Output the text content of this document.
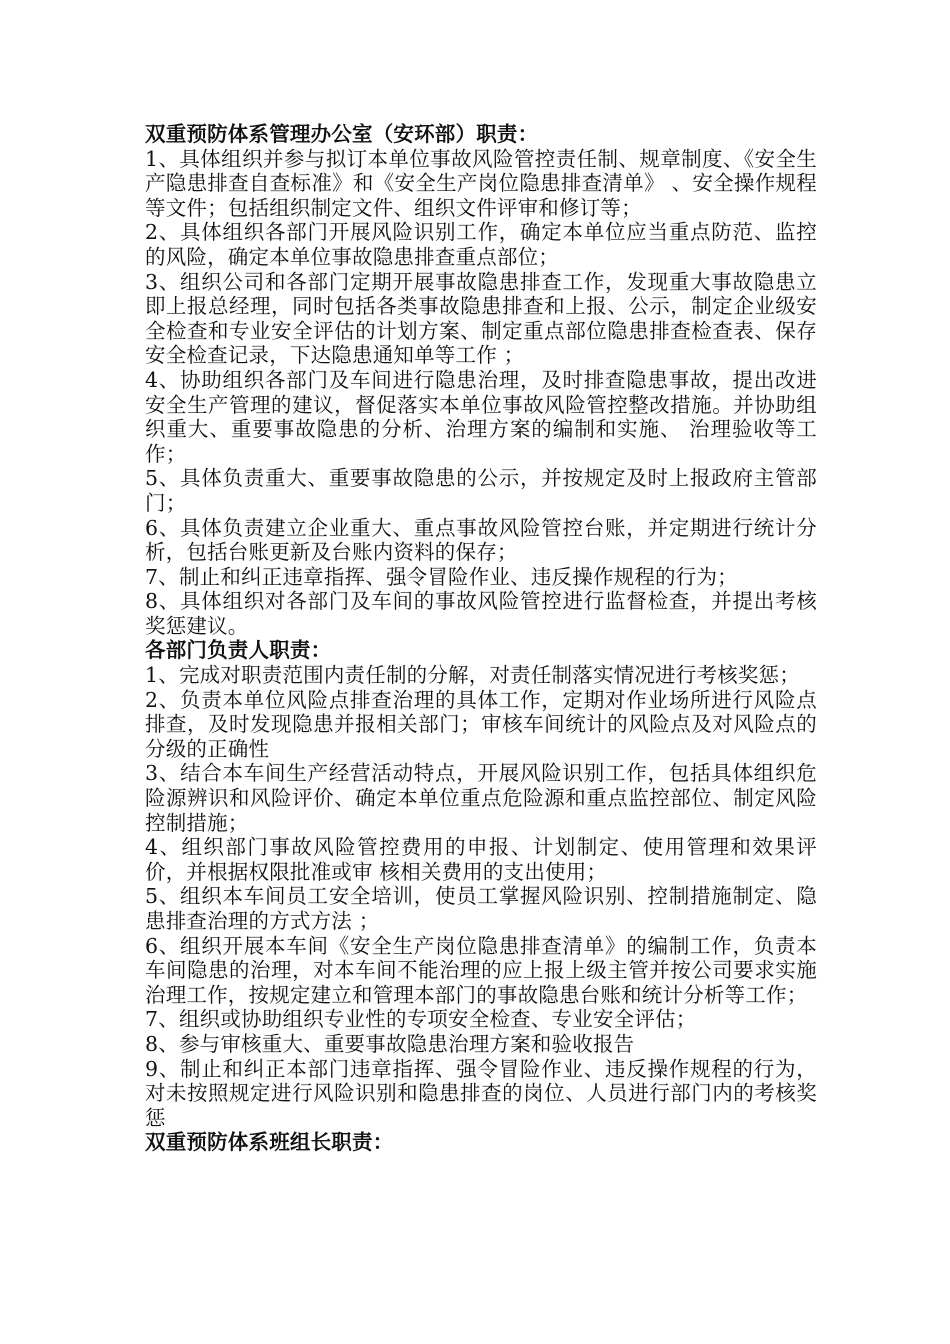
双重预防体系管理办公室（安环部）职责：

1、具体组织并参与拟订本单位事故风险管控责任制、规章制度、《安全生产隐患排查自查标准》和《安全生产岗位隐患排查清单》 、安全操作规程等文件；包括组织制定文件、组织文件评审和修订等；

2、具体组织各部门开展风险识别工作，确定本单位应当重点防范、监控的风险，确定本单位事故隐患排查重点部位；

3、组织公司和各部门定期开展事故隐患排查工作，发现重大事故隐患立即上报总经理，同时包括各类事故隐患排查和上报、公示，制定企业级安全检查和专业安全评估的计划方案、制定重点部位隐患排查检查表、保存安全检查记录，下达隐患通知单等工作 ；

4、协助组织各部门及车间进行隐患治理，及时排查隐患事故，提出改进安全生产管理的建议，督促落实本单位事故风险管控整改措施。并协助组织重大、重要事故隐患的分析、治理方案的编制和实施、 治理验收等工作；

5、具体负责重大、重要事故隐患的公示，并按规定及时上报政府主管部门；

6、具体负责建立企业重大、重点事故风险管控台账，并定期进行统计分析，包括台账更新及台账内资料的保存；

7、制止和纠正违章指挥、强令冒险作业、违反操作规程的行为；

8、具体组织对各部门及车间的事故风险管控进行监督检查，并提出考核奖惩建议。

各部门负责人职责：

1、完成对职责范围内责任制的分解，对责任制落实情况进行考核奖惩；

2、负责本单位风险点排查治理的具体工作，定期对作业场所进行风险点排查，及时发现隐患并报相关部门；审核车间统计的风险点及对风险点的分级的正确性

3、结合本车间生产经营活动特点，开展风险识别工作，包括具体组织危险源辨识和风险评价、确定本单位重点危险源和重点监控部位、制定风险控制措施；

4、组织部门事故风险管控费用的申报、计划制定、使用管理和效果评价，并根据权限批准或审 核相关费用的支出使用；

5、组织本车间员工安全培训，使员工掌握风险识别、控制措施制定、隐患排查治理的方式方法 ；

6、组织开展本车间《安全生产岗位隐患排查清单》的编制工作，负责本车间隐患的治理，对本车间不能治理的应上报上级主管并按公司要求实施治理工作，按规定建立和管理本部门的事故隐患台账和统计分析等工作；

7、组织或协助组织专业性的专项安全检查、专业安全评估；

8、参与审核重大、重要事故隐患治理方案和验收报告

9、制止和纠正本部门违章指挥、强令冒险作业、违反操作规程的行为，对未按照规定进行风险识别和隐患排查的岗位、人员进行部门内的考核奖惩

双重预防体系班组长职责：
